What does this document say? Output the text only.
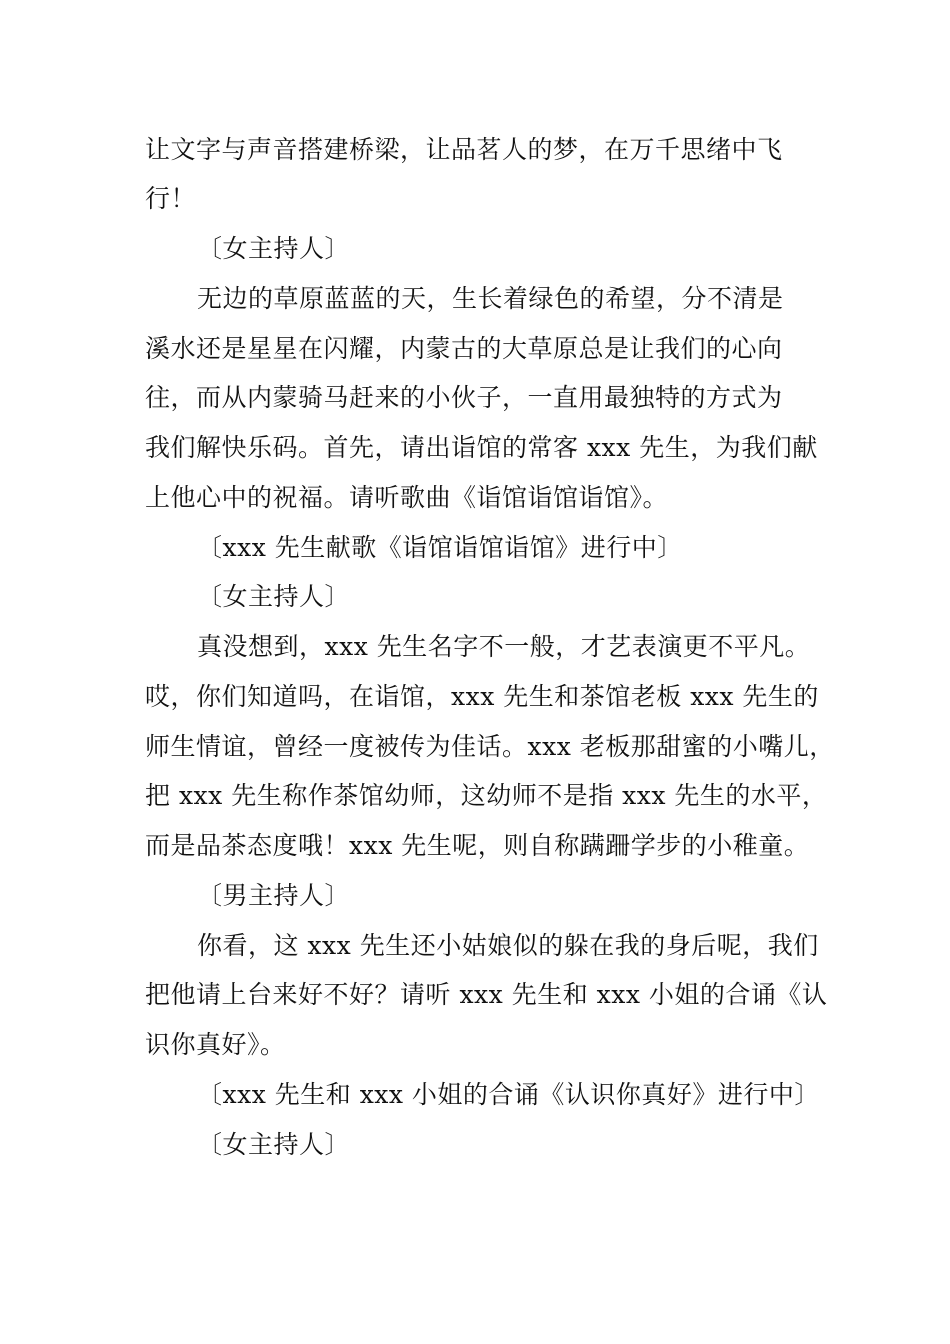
让文字与声音搭建桥梁，让品茗人的梦，在万千思绪中飞
行！
〔女主持人〕
无边的草原蓝蓝的天，生长着绿色的希望，分不清是
溪水还是星星在闪耀，内蒙古的大草原总是让我们的心向
往，而从内蒙骑马赶来的小伙子，一直用最独特的方式为
我们解快乐码。首先，请出诣馆的常客 xxx 先生，为我们献
上他心中的祝福。请听歌曲《诣馆诣馆诣馆》。
〔xxx 先生献歌《诣馆诣馆诣馆》进行中〕
〔女主持人〕
真没想到，xxx 先生名字不一般，才艺表演更不平凡。
哎，你们知道吗，在诣馆，xxx 先生和茶馆老板 xxx 先生的
师生情谊，曾经一度被传为佳话。xxx 老板那甜蜜的小嘴儿，
把 xxx 先生称作茶馆幼师，这幼师不是指 xxx 先生的水平，
而是品茶态度哦！xxx 先生呢，则自称蹒跚学步的小稚童。
〔男主持人〕
你看，这 xxx 先生还小姑娘似的躲在我的身后呢，我们
把他请上台来好不好？请听 xxx 先生和 xxx 小姐的合诵《认
识你真好》。
〔xxx 先生和 xxx 小姐的合诵《认识你真好》进行中〕
〔女主持人〕
